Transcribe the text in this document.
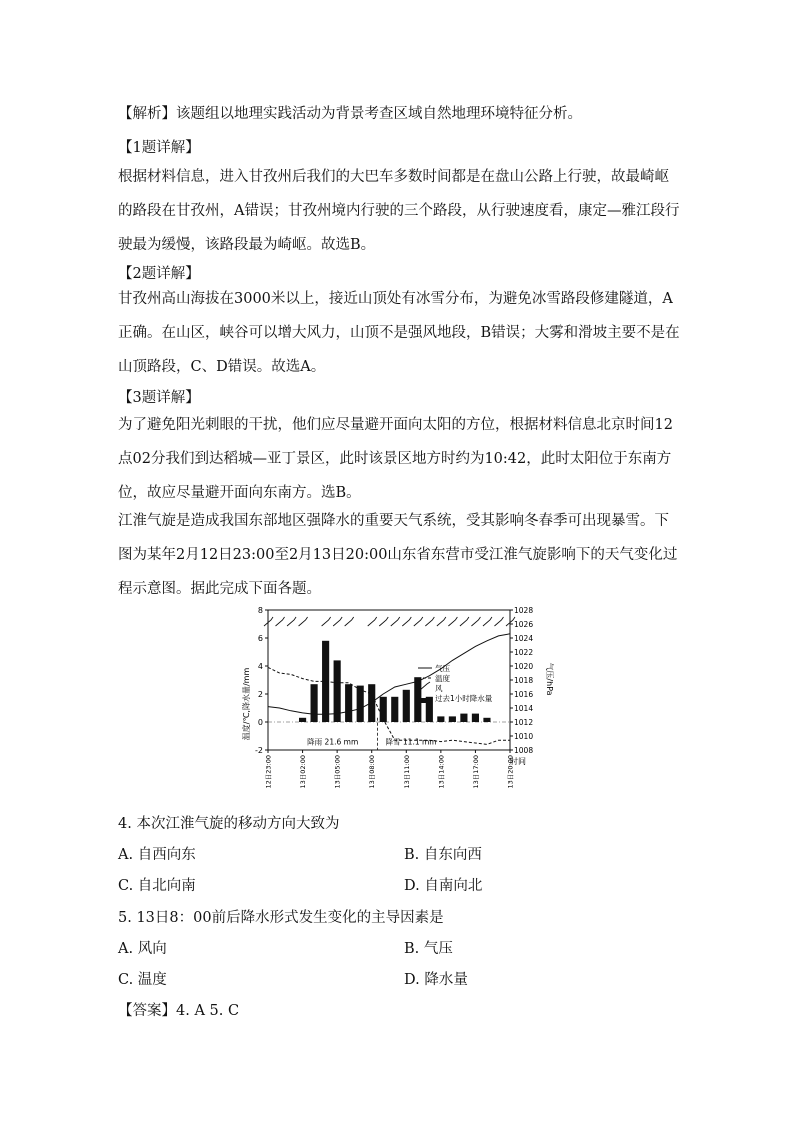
【解析】该题组以地理实践活动为背景考查区域自然地理环境特征分析。
【1题详解】

根据材料信息，进入甘孜州后我们的大巴车多数时间都是在盘山公路上行驶，故最崎岖的路段在甘孜州，A错误；甘孜州境内行驶的三个路段，从行驶速度看，康定—雅江段行驶最为缓慢，该路段最为崎岖。故选B。

【2题详解】

甘孜州高山海拔在3000米以上，接近山顶处有冰雪分布，为避免冰雪路段修建隧道，A正确。在山区，峡谷可以增大风力，山顶不是强风地段，B错误；大雾和滑坡主要不是在山顶路段，C、D错误。故选A。

【3题详解】

为了避免阳光刺眼的干扰，他们应尽量避开面向太阳的方位，根据材料信息北京时间12点02分我们到达稻城—亚丁景区，此时该景区地方时约为10:42，此时太阳位于东南方位，故应尽量避开面向东南方。选B。

江淮气旋是造成我国东部地区强降水的重要天气系统，受其影响冬春季可出现暴雪。下图为某年2月12日23:00至2月13日20:00山东省东营市受江淮气旋影响下的天气变化过程示意图。据此完成下面各题。

8
6
4
2
0
-2
1028
1026
1024
1022
1020
1018
1016
1014
1012
1010
1008
12日23:00	13日02:00	13日05:00	13日08:00	13日11:00	13日14:00	13日17:00	13日20:00
气压
温度
风
过去1小时降水量
降雨 21.6 mm	降雪 11.1 mm
温度/℃,降水量/mm	气压/hPa
时间
4. 本次江淮气旋的移动方向大致为
A. 自西向东	B. 自东向西
C. 自北向南	D. 自南向北
5. 13日8：00前后降水形式发生变化的主导因素是
A. 风向	B. 气压
C. 温度	D. 降水量
【答案】4. A 5. C
